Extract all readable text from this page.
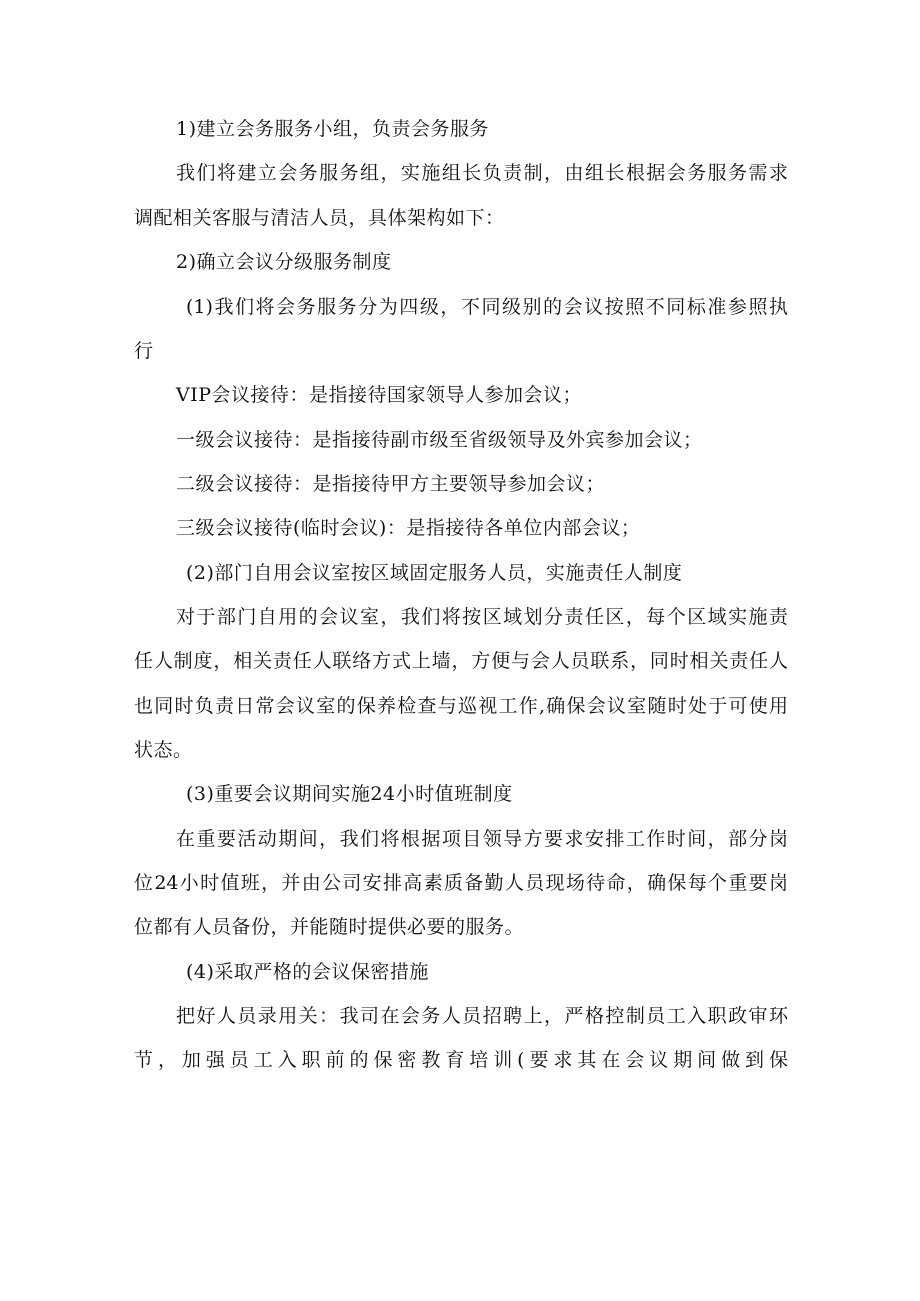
1)建立会务服务小组，负责会务服务
我们将建立会务服务组，实施组长负责制，由组长根据会务服务需求
调配相关客服与清洁人员，具体架构如下：
2)确立会议分级服务制度
(1)我们将会务服务分为四级，不同级别的会议按照不同标准参照执
行
VIP会议接待：是指接待国家领导人参加会议；
一级会议接待：是指接待副市级至省级领导及外宾参加会议；
二级会议接待：是指接待甲方主要领导参加会议；
三级会议接待(临时会议)：是指接待各单位内部会议；
(2)部门自用会议室按区域固定服务人员，实施责任人制度
对于部门自用的会议室，我们将按区域划分责任区，每个区域实施责
任人制度，相关责任人联络方式上墙，方便与会人员联系，同时相关责任人
也同时负责日常会议室的保养检查与巡视工作,确保会议室随时处于可使用
状态。
(3)重要会议期间实施24小时值班制度
在重要活动期间，我们将根据项目领导方要求安排工作时间，部分岗
位24小时值班，并由公司安排高素质备勤人员现场待命，确保每个重要岗
位都有人员备份，并能随时提供必要的服务。
(4)采取严格的会议保密措施
把好人员录用关：我司在会务人员招聘上，严格控制员工入职政审环
节，加强员工入职前的保密教育培训(要求其在会议期间做到保
